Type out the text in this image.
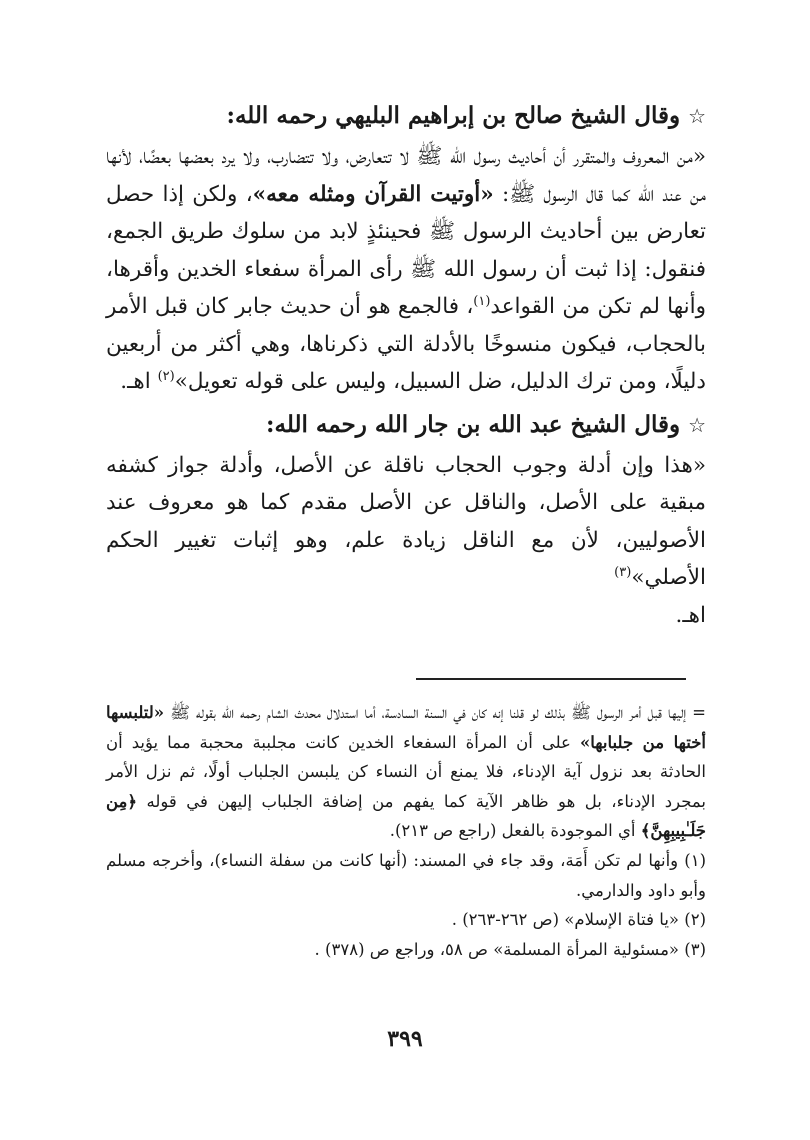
☆وقال الشيخ صالح بن إبراهيم البليهي رحمه الله:

«من المعروف والمتقرر أن أحاديث رسول الله ﷺ لا تتعارض، ولا تتضارب، ولا يرد بعضها بعضًا، لأنها من عند الله كما قال الرسول ﷺ: «أوتيت القرآن ومثله معه»، ولكن إذا حصل تعارض بين أحاديث الرسول ﷺ فحينئذٍ لابد من سلوك طريق الجمع، فنقول: إذا ثبت أن رسول الله ﷺ رأى المرأة سفعاء الخدين وأقرها، وأنها لم تكن من القواعد$^{(١)}$، فالجمع هو أن حديث جابر كان قبل الأمر بالحجاب، فيكون منسوخًا بالأدلة التي ذكرناها، وهي أكثر من أربعين دليلًا، ومن ترك الدليل، ضل السبيل، وليس على قوله تعويل»$^{(٢)}$ اهـ.

☆وقال الشيخ عبد الله بن جار الله رحمه الله:

«هذا وإن أدلة وجوب الحجاب ناقلة عن الأصل، وأدلة جواز كشفه مبقية على الأصل، والناقل عن الأصل مقدم كما هو معروف عند الأصوليين، لأن مع الناقل زيادة علم، وهو إثبات تغيير الحكم الأصلي»$^{(٣)}$
اهـ.

= إليها قبل أمر الرسول ﷺ بذلك لو قلنا إنه كان في السنة السادسة، أما استدلال محدث الشام رحمه الله بقوله ﷺ «لتلبسها أختها من جلبابها» على أن المرأة السفعاء الخدين كانت مجلببة محجبة مما يؤيد أن الحادثة بعد نزول آية الإدناء، فلا يمنع أن النساء كن يلبسن الجلباب أولًا، ثم نزل الأمر بمجرد الإدناء، بل هو ظاهر الآية كما يفهم من إضافة الجلباب إليهن في قوله ﴿مِن جَلَـٰبِيبِهِنَّ﴾ أي الموجودة بالفعل (راجع ص ٢١٣).

(١) وأنها لم تكن أَمَة، وقد جاء في المسند: (أنها كانت من سفلة النساء)، وأخرجه مسلم وأبو داود والدارمي.

(٢) «يا فتاة الإسلام» (ص ٢٦٢-٢٦٣) .

(٣) «مسئولية المرأة المسلمة» ص ٥٨، وراجع ص (٣٧٨) .

٣٩٩
